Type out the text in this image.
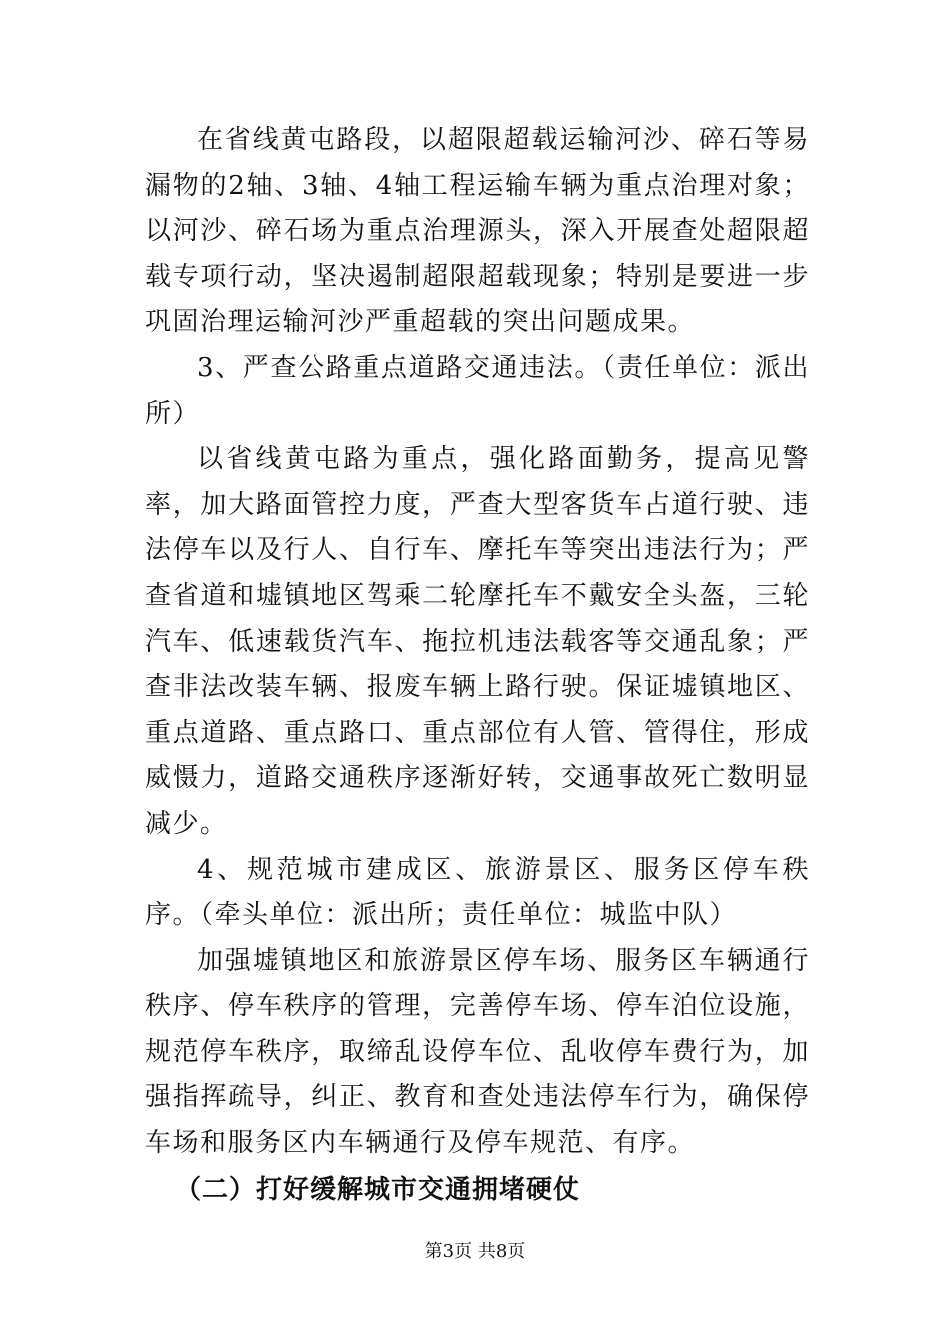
在省线黄屯路段，以超限超载运输河沙、碎石等易漏物的2轴、3轴、4轴工程运输车辆为重点治理对象；以河沙、碎石场为重点治理源头，深入开展查处超限超载专项行动，坚决遏制超限超载现象；特别是要进一步巩固治理运输河沙严重超载的突出问题成果。

3、严查公路重点道路交通违法。（责任单位：派出所）

以省线黄屯路为重点，强化路面勤务，提高见警率，加大路面管控力度，严查大型客货车占道行驶、违法停车以及行人、自行车、摩托车等突出违法行为；严查省道和墟镇地区驾乘二轮摩托车不戴安全头盔，三轮汽车、低速载货汽车、拖拉机违法载客等交通乱象；严查非法改装车辆、报废车辆上路行驶。保证墟镇地区、重点道路、重点路口、重点部位有人管、管得住，形成威慑力，道路交通秩序逐渐好转，交通事故死亡数明显减少。

4、规范城市建成区、旅游景区、服务区停车秩序。（牵头单位：派出所；责任单位：城监中队）

加强墟镇地区和旅游景区停车场、服务区车辆通行秩序、停车秩序的管理，完善停车场、停车泊位设施，规范停车秩序，取缔乱设停车位、乱收停车费行为，加强指挥疏导，纠正、教育和查处违法停车行为，确保停车场和服务区内车辆通行及停车规范、有序。

（二）打好缓解城市交通拥堵硬仗

第3页 共8页
